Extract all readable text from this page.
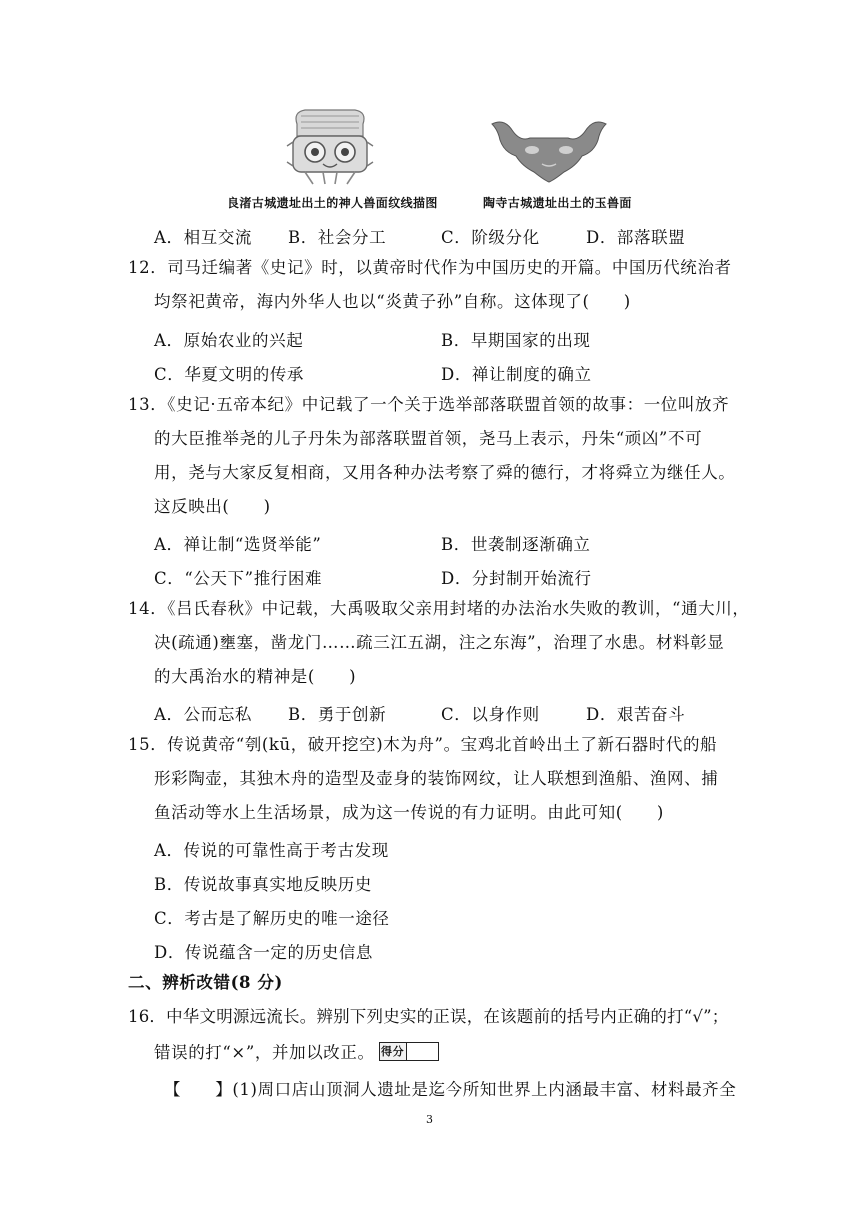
良渚古城遗址出土的神人兽面纹线描图	陶寺古城遗址出土的玉兽面
A．相互交流 B．社会分工	C．阶级分化	D．部落联盟
12．司马迁编著《史记》时，以黄帝时代作为中国历史的开篇。中国历代统治者
均祭祀黄帝，海内外华人也以“炎黄子孙”自称。这体现了(　　)
A．原始农业的兴起	B．早期国家的出现
C．华夏文明的传承	D．禅让制度的确立
13．《史记·五帝本纪》中记载了一个关于选举部落联盟首领的故事：一位叫放齐
的大臣推举尧的儿子丹朱为部落联盟首领，尧马上表示，丹朱“顽凶”不可
用，尧与大家反复相商，又用各种办法考察了舜的德行，才将舜立为继任人。
这反映出(　　)
A．禅让制“选贤举能”	B．世袭制逐渐确立
C．“公天下”推行困难	D．分封制开始流行
14．《吕氏春秋》中记载，大禹吸取父亲用封堵的办法治水失败的教训，“通大川，
决(疏通)壅塞，凿龙门……疏三江五湖，注之东海”，治理了水患。材料彰显
的大禹治水的精神是(　　)
A．公而忘私 B．勇于创新	C．以身作则	D．艰苦奋斗
15．传说黄帝“刳(kū，破开挖空)木为舟”。宝鸡北首岭出土了新石器时代的船
形彩陶壶，其独木舟的造型及壶身的装饰网纹，让人联想到渔船、渔网、捕
鱼活动等水上生活场景，成为这一传说的有力证明。由此可知(　　)
A．传说的可靠性高于考古发现
B．传说故事真实地反映历史
C．考古是了解历史的唯一途径
D．传说蕴含一定的历史信息
二、辨析改错(8 分)
16．中华文明源远流长。辨别下列史实的正误，在该题前的括号内正确的打“√”；
错误的打“×”，并加以改正。 得分
【　　】(1)周口店山顶洞人遗址是迄今所知世界上内涵最丰富、材料最齐全
3
